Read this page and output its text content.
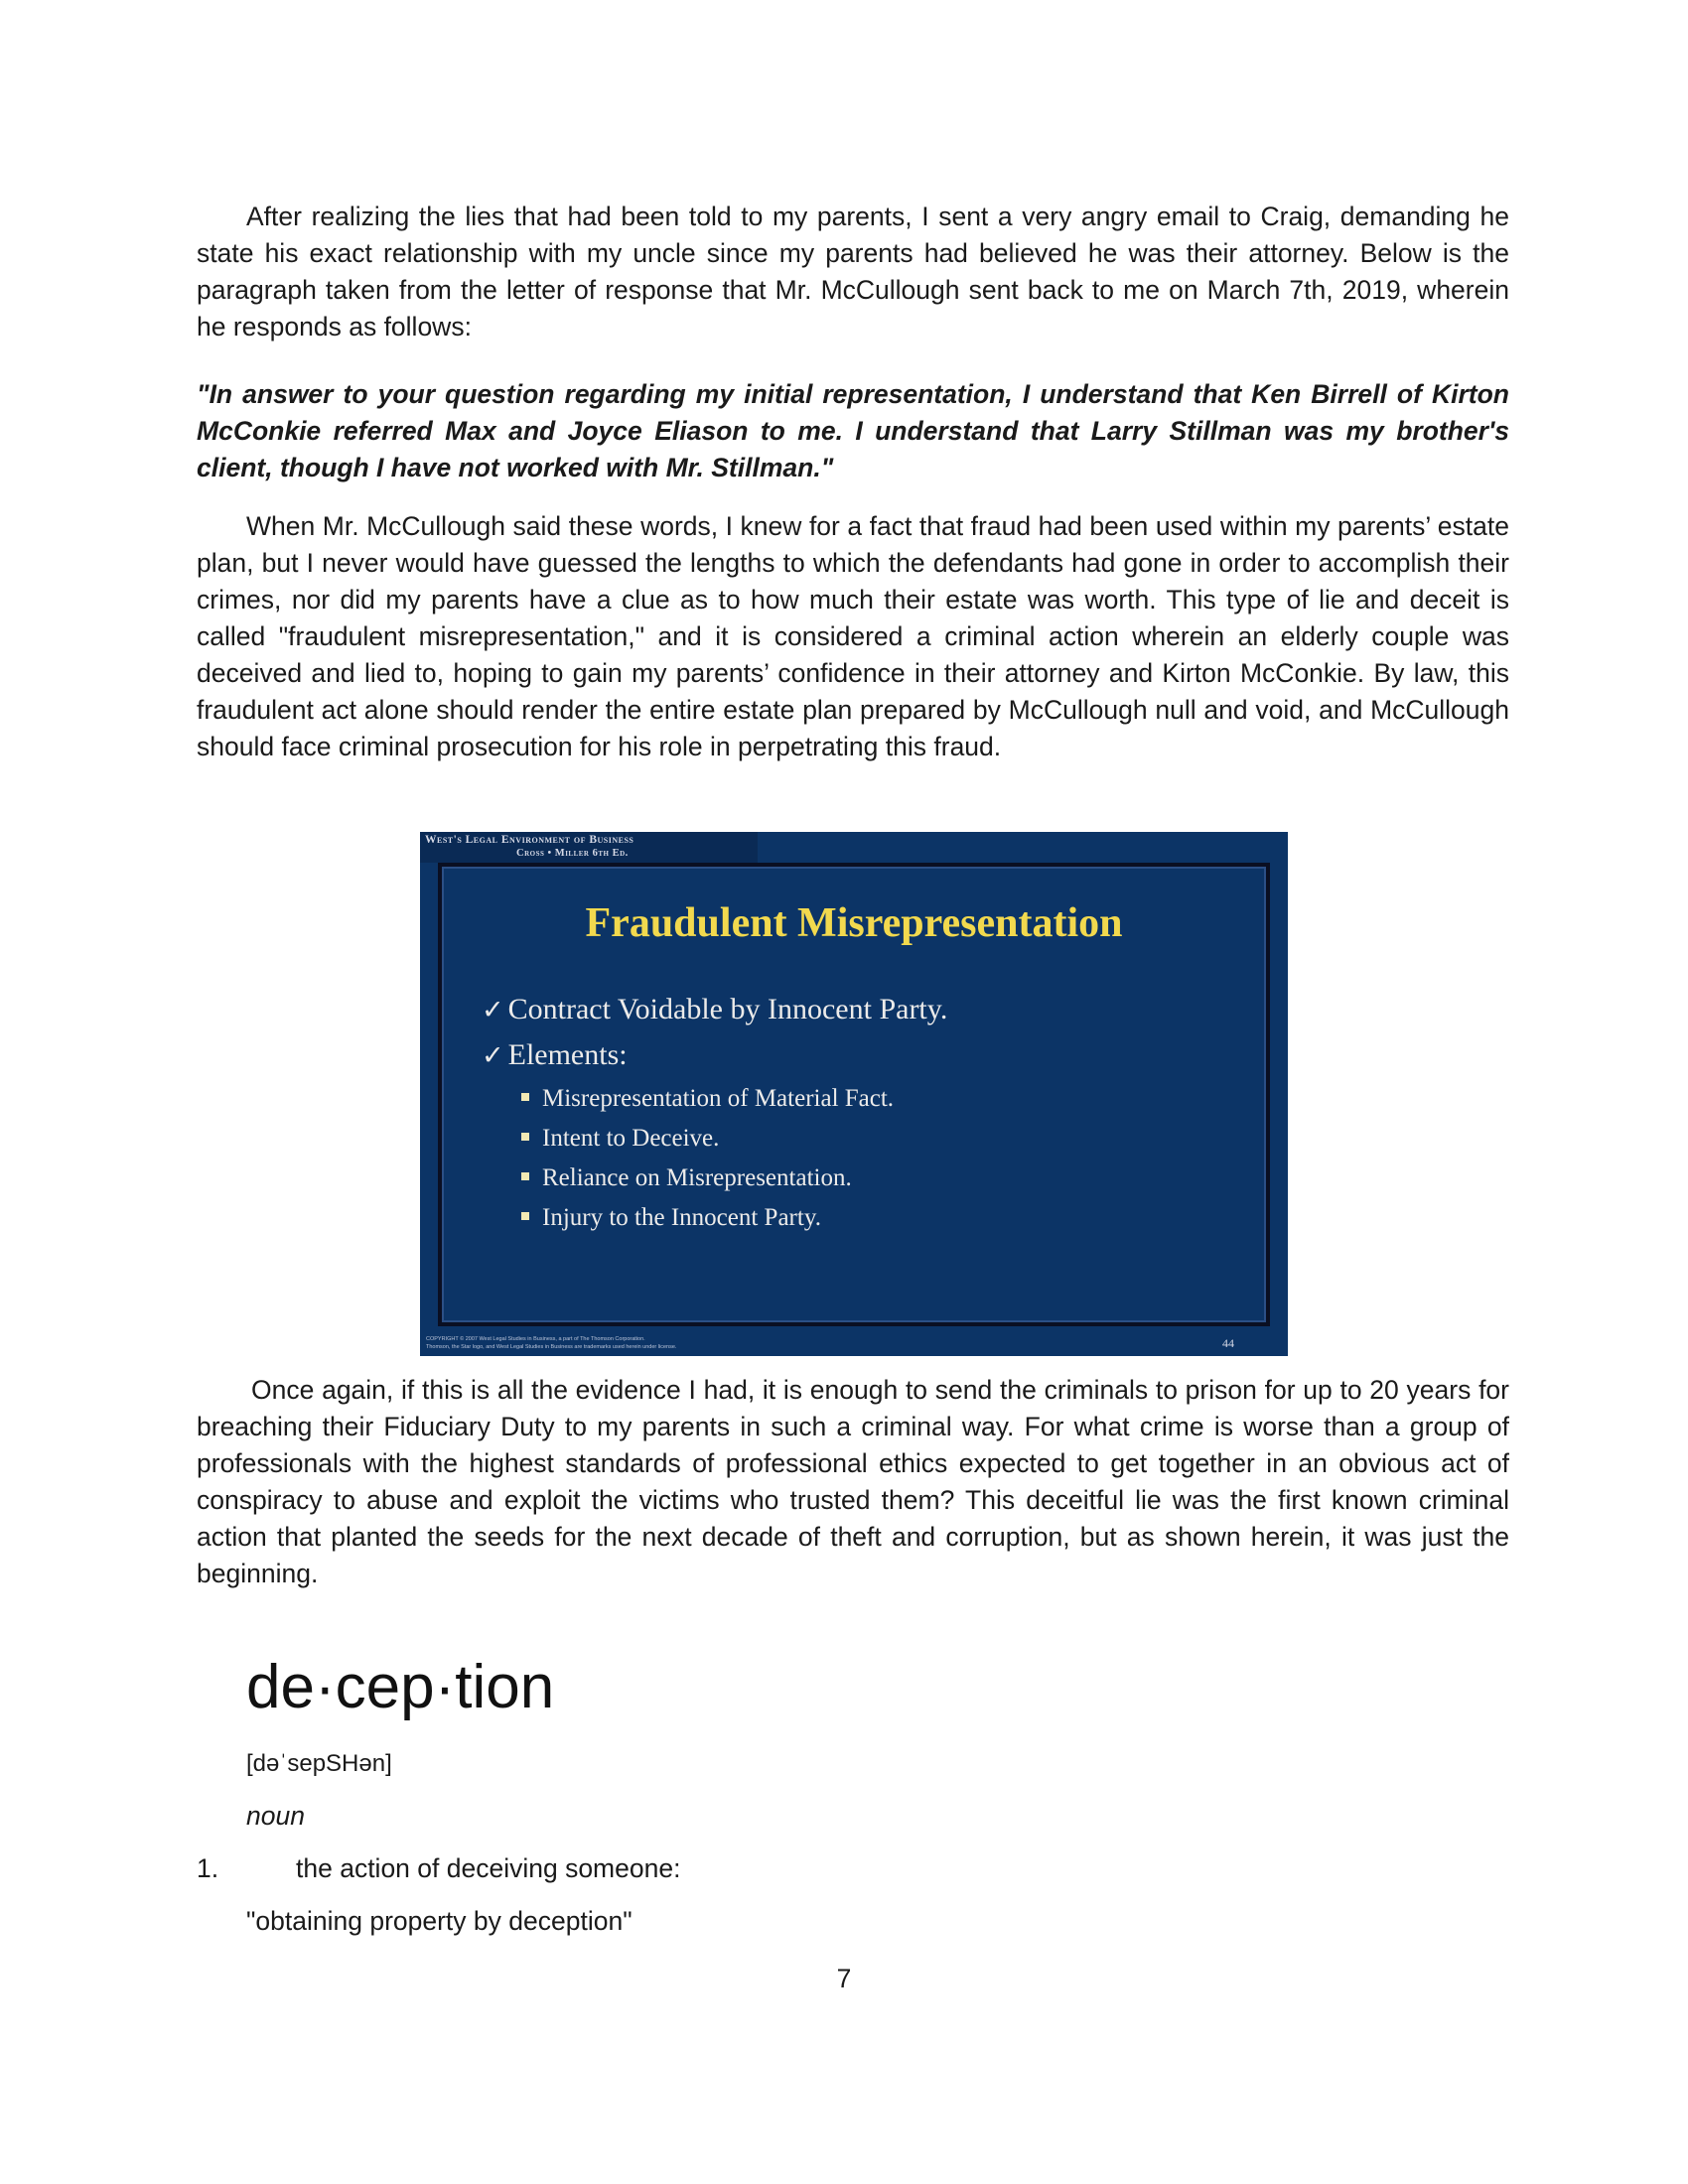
After realizing the lies that had been told to my parents, I sent a very angry email to Craig, demanding he state his exact relationship with my uncle since my parents had believed he was their attorney. Below is the paragraph taken from the letter of response that Mr. McCullough sent back to me on March 7th, 2019, wherein he responds as follows:

"In answer to your question regarding my initial representation, I understand that Ken Birrell of Kirton McConkie referred Max and Joyce Eliason to me. I understand that Larry Stillman was my brother's client, though I have not worked with Mr. Stillman."

When Mr. McCullough said these words, I knew for a fact that fraud had been used within my parents’ estate plan, but I never would have guessed the lengths to which the defendants had gone in order to accomplish their crimes, nor did my parents have a clue as to how much their estate was worth. This type of lie and deceit is called "fraudulent misrepresentation," and it is considered a criminal action wherein an elderly couple was deceived and lied to, hoping to gain my parents’ confidence in their attorney and Kirton McConkie. By law, this fraudulent act alone should render the entire estate plan prepared by McCullough null and void, and McCullough should face criminal prosecution for his role in perpetrating this fraud.

West's Legal Environment of Business
Cross • Miller 6th Ed.
Fraudulent Misrepresentation
✓ Contract Voidable by Innocent Party.
✓ Elements:
Misrepresentation of Material Fact.
Intent to Deceive.
Reliance on Misrepresentation.
Injury to the Innocent Party.
COPYRIGHT © 2007 West Legal Studies in Business, a part of The Thomson Corporation.
Thomson, the Star logo, and West Legal Studies in Business are trademarks used herein under license.	44

Once again, if this is all the evidence I had, it is enough to send the criminals to prison for up to 20 years for breaching their Fiduciary Duty to my parents in such a criminal way. For what crime is worse than a group of professionals with the highest standards of professional ethics expected to get together in an obvious act of conspiracy to abuse and exploit the victims who trusted them? This deceitful lie was the first known criminal action that planted the seeds for the next decade of theft and corruption, but as shown herein, it was just the beginning.

de·cep·tion
[dəˈsepSHən]
noun
1.	the action of deceiving someone:
"obtaining property by deception"
7
